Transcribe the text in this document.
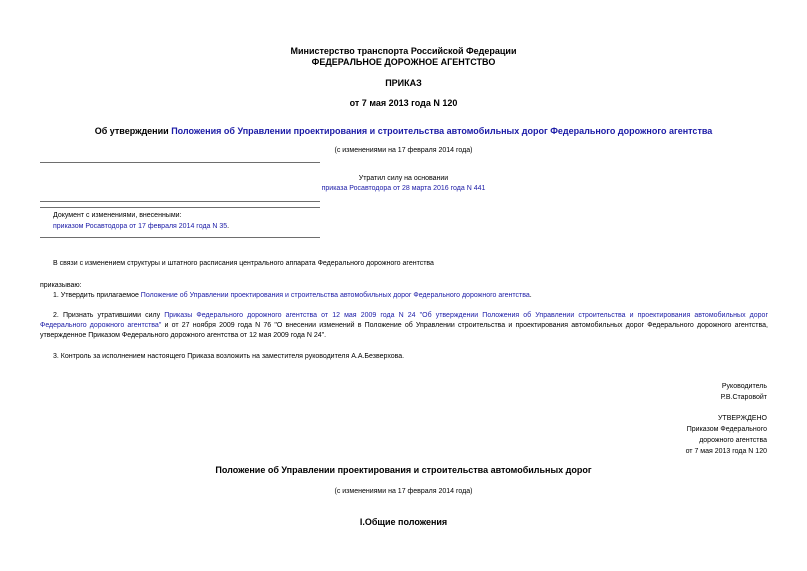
Министерство транспорта Российской Федерации
ФЕДЕРАЛЬНОЕ ДОРОЖНОЕ АГЕНТСТВО
ПРИКАЗ
от 7 мая 2013 года N 120
Об утверждении Положения об Управлении проектирования и строительства автомобильных дорог Федерального дорожного агентства
(с изменениями на 17 февраля 2014 года)
Утратил силу на основании
приказа Росавтодора от 28 марта 2016 года N 441
Документ с изменениями, внесенными:
приказом Росавтодора от 17 февраля 2014 года N 35.
В связи с изменением структуры и штатного расписания центрального аппарата Федерального дорожного агентства
приказываю:
1. Утвердить прилагаемое Положение об Управлении проектирования и строительства автомобильных дорог Федерального дорожного агентства.
2. Признать утратившими силу Приказы Федерального дорожного агентства от 12 мая 2009 года N 24 "Об утверждении Положения об Управлении строительства и проектирования автомобильных дорог
Федерального дорожного агентства" и от 27 ноября 2009 года N 76 "О внесении изменений в Положение об Управлении строительства и проектирования автомобильных дорог Федерального дорожного агентства,
утвержденное Приказом Федерального дорожного агентства от 12 мая 2009 года N 24".
3. Контроль за исполнением настоящего Приказа возложить на заместителя руководителя А.А.Безверхова.
Руководитель
Р.В.Старовойт
УТВЕРЖДЕНО
Приказом Федерального
дорожного агентства
от 7 мая 2013 года N 120
Положение об Управлении проектирования и строительства автомобильных дорог
(с изменениями на 17 февраля 2014 года)
I.Общие положения
